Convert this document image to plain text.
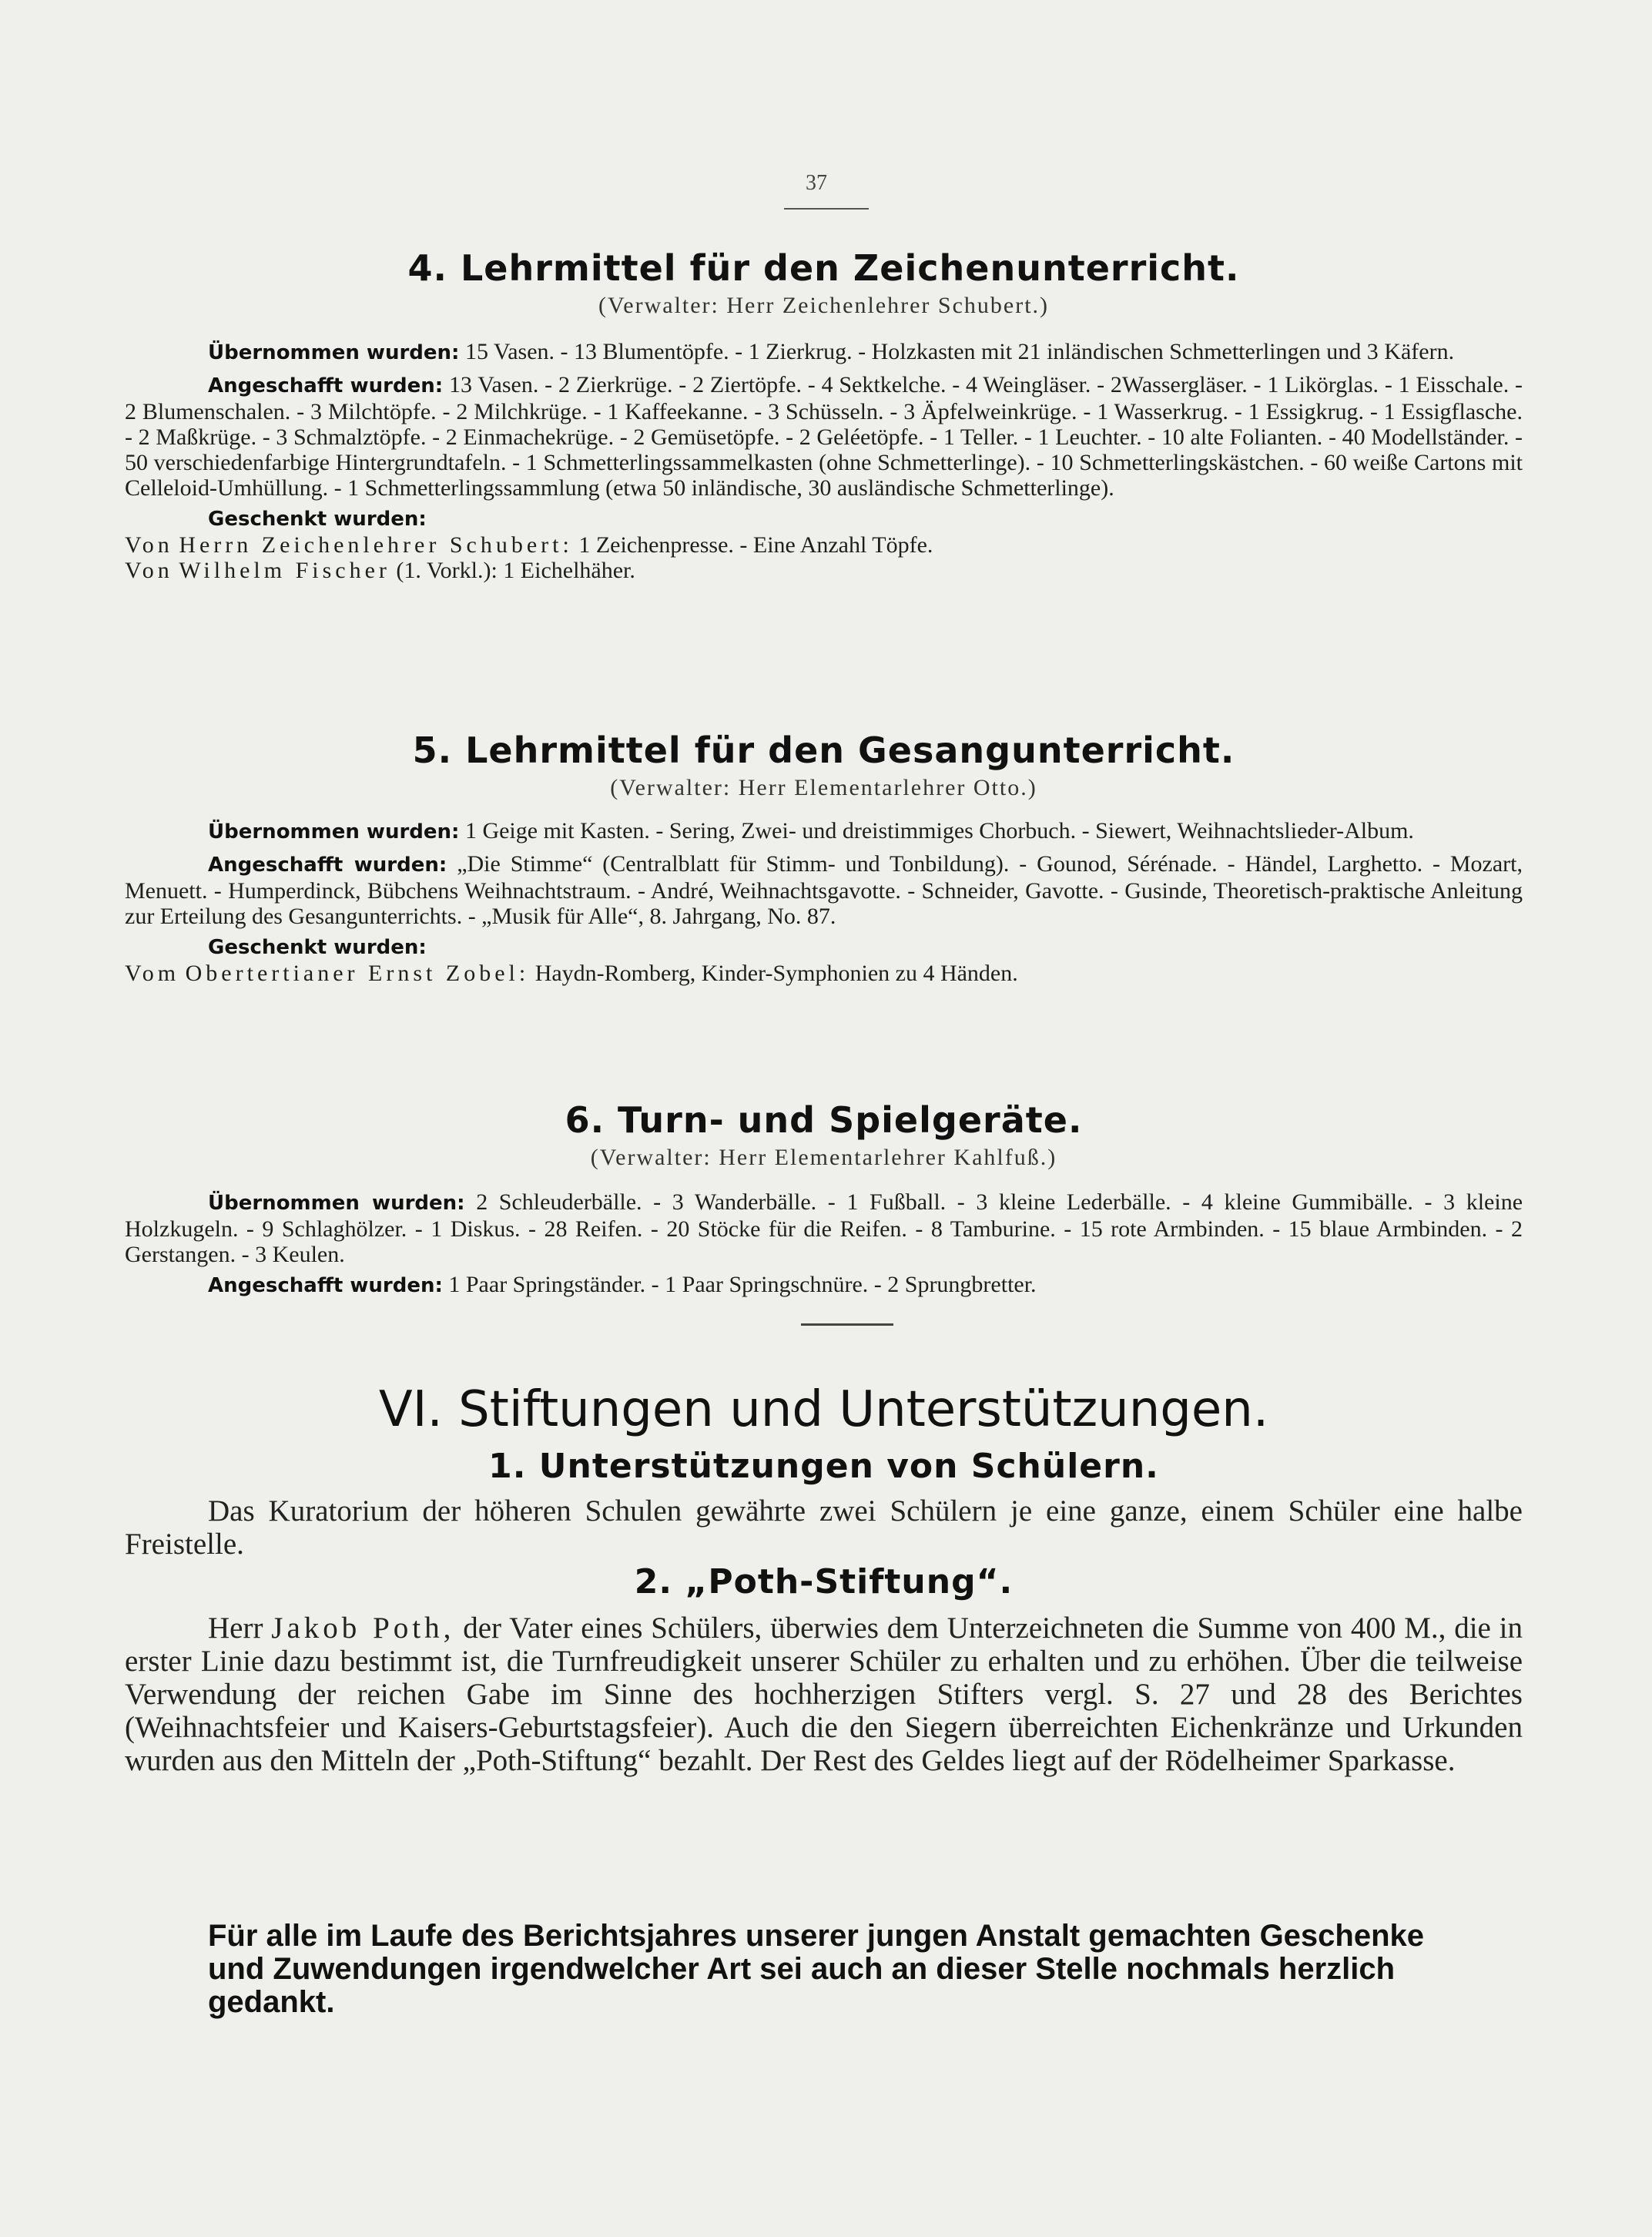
37
4. Lehrmittel für den Zeichenunterricht.
(Verwalter: Herr Zeichenlehrer Schubert.)

Übernommen wurden: 15 Vasen. - 13 Blumentöpfe. - 1 Zierkrug. - Holzkasten mit 21 inländischen Schmetterlingen und 3 Käfern.

Angeschafft wurden: 13 Vasen. - 2 Zierkrüge. - 2 Ziertöpfe. - 4 Sektkelche. - 4 Weingläser. - 2Wassergläser. - 1 Likörglas. - 1 Eisschale. - 2 Blumenschalen. - 3 Milchtöpfe. - 2 Milchkrüge. - 1 Kaffeekanne. - 3 Schüsseln. - 3 Äpfelweinkrüge. - 1 Wasserkrug. - 1 Essigkrug. - 1 Essigflasche. - 2 Maßkrüge. - 3 Schmalztöpfe. - 2 Einmachekrüge. - 2 Gemüsetöpfe. - 2 Geléetöpfe. - 1 Teller. - 1 Leuchter. - 10 alte Folianten. - 40 Modellständer. - 50 verschiedenfarbige Hintergrundtafeln. - 1 Schmetterlingssammelkasten (ohne Schmetterlinge). - 10 Schmetterlingskästchen. - 60 weiße Cartons mit Celleloid-Umhüllung. - 1 Schmetterlingssammlung (etwa 50 inländische, 30 ausländische Schmetterlinge).

Geschenkt wurden:

Von Herrn Zeichenlehrer Schubert: 1 Zeichenpresse. - Eine Anzahl Töpfe.

Von Wilhelm Fischer (1. Vorkl.): 1 Eichelhäher.

5. Lehrmittel für den Gesangunterricht.
(Verwalter: Herr Elementarlehrer Otto.)

Übernommen wurden: 1 Geige mit Kasten. - Sering, Zwei- und dreistimmiges Chorbuch. - Siewert, Weihnachtslieder-Album.

Angeschafft wurden: „Die Stimme“ (Centralblatt für Stimm- und Tonbildung). - Gounod, Sérénade. - Händel, Larghetto. - Mozart, Menuett. - Humperdinck, Bübchens Weihnachtstraum. - André, Weihnachtsgavotte. - Schneider, Gavotte. - Gusinde, Theoretisch-praktische Anleitung zur Erteilung des Gesangunterrichts. - „Musik für Alle“, 8. Jahrgang, No. 87.

Geschenkt wurden:

Vom Obertertianer Ernst Zobel: Haydn-Romberg, Kinder-Symphonien zu 4 Händen.

6. Turn- und Spielgeräte.
(Verwalter: Herr Elementarlehrer Kahlfuß.)

Übernommen wurden: 2 Schleuderbälle. - 3 Wanderbälle. - 1 Fußball. - 3 kleine Lederbälle. - 4 kleine Gummibälle. - 3 kleine Holzkugeln. - 9 Schlaghölzer. - 1 Diskus. - 28 Reifen. - 20 Stöcke für die Reifen. - 8 Tamburine. - 15 rote Armbinden. - 15 blaue Armbinden. - 2 Gerstangen. - 3 Keulen.

Angeschafft wurden: 1 Paar Springständer. - 1 Paar Springschnüre. - 2 Sprungbretter.

VI. Stiftungen und Unterstützungen.
1. Unterstützungen von Schülern.

Das Kuratorium der höheren Schulen gewährte zwei Schülern je eine ganze, einem Schüler eine halbe Freistelle.

2. „Poth-Stiftung“.

Herr Jakob Poth, der Vater eines Schülers, überwies dem Unterzeichneten die Summe von 400 M., die in erster Linie dazu bestimmt ist, die Turnfreudigkeit unserer Schüler zu erhalten und zu erhöhen. Über die teilweise Verwendung der reichen Gabe im Sinne des hochherzigen Stifters vergl. S. 27 und 28 des Berichtes (Weihnachtsfeier und Kaisers-Geburtstagsfeier). Auch die den Siegern überreichten Eichenkränze und Urkunden wurden aus den Mitteln der „Poth-Stiftung“ bezahlt. Der Rest des Geldes liegt auf der Rödelheimer Sparkasse.

Für alle im Laufe des Berichtsjahres unserer jungen Anstalt gemachten Geschenke und Zuwendungen irgendwelcher Art sei auch an dieser Stelle nochmals herzlich gedankt.
